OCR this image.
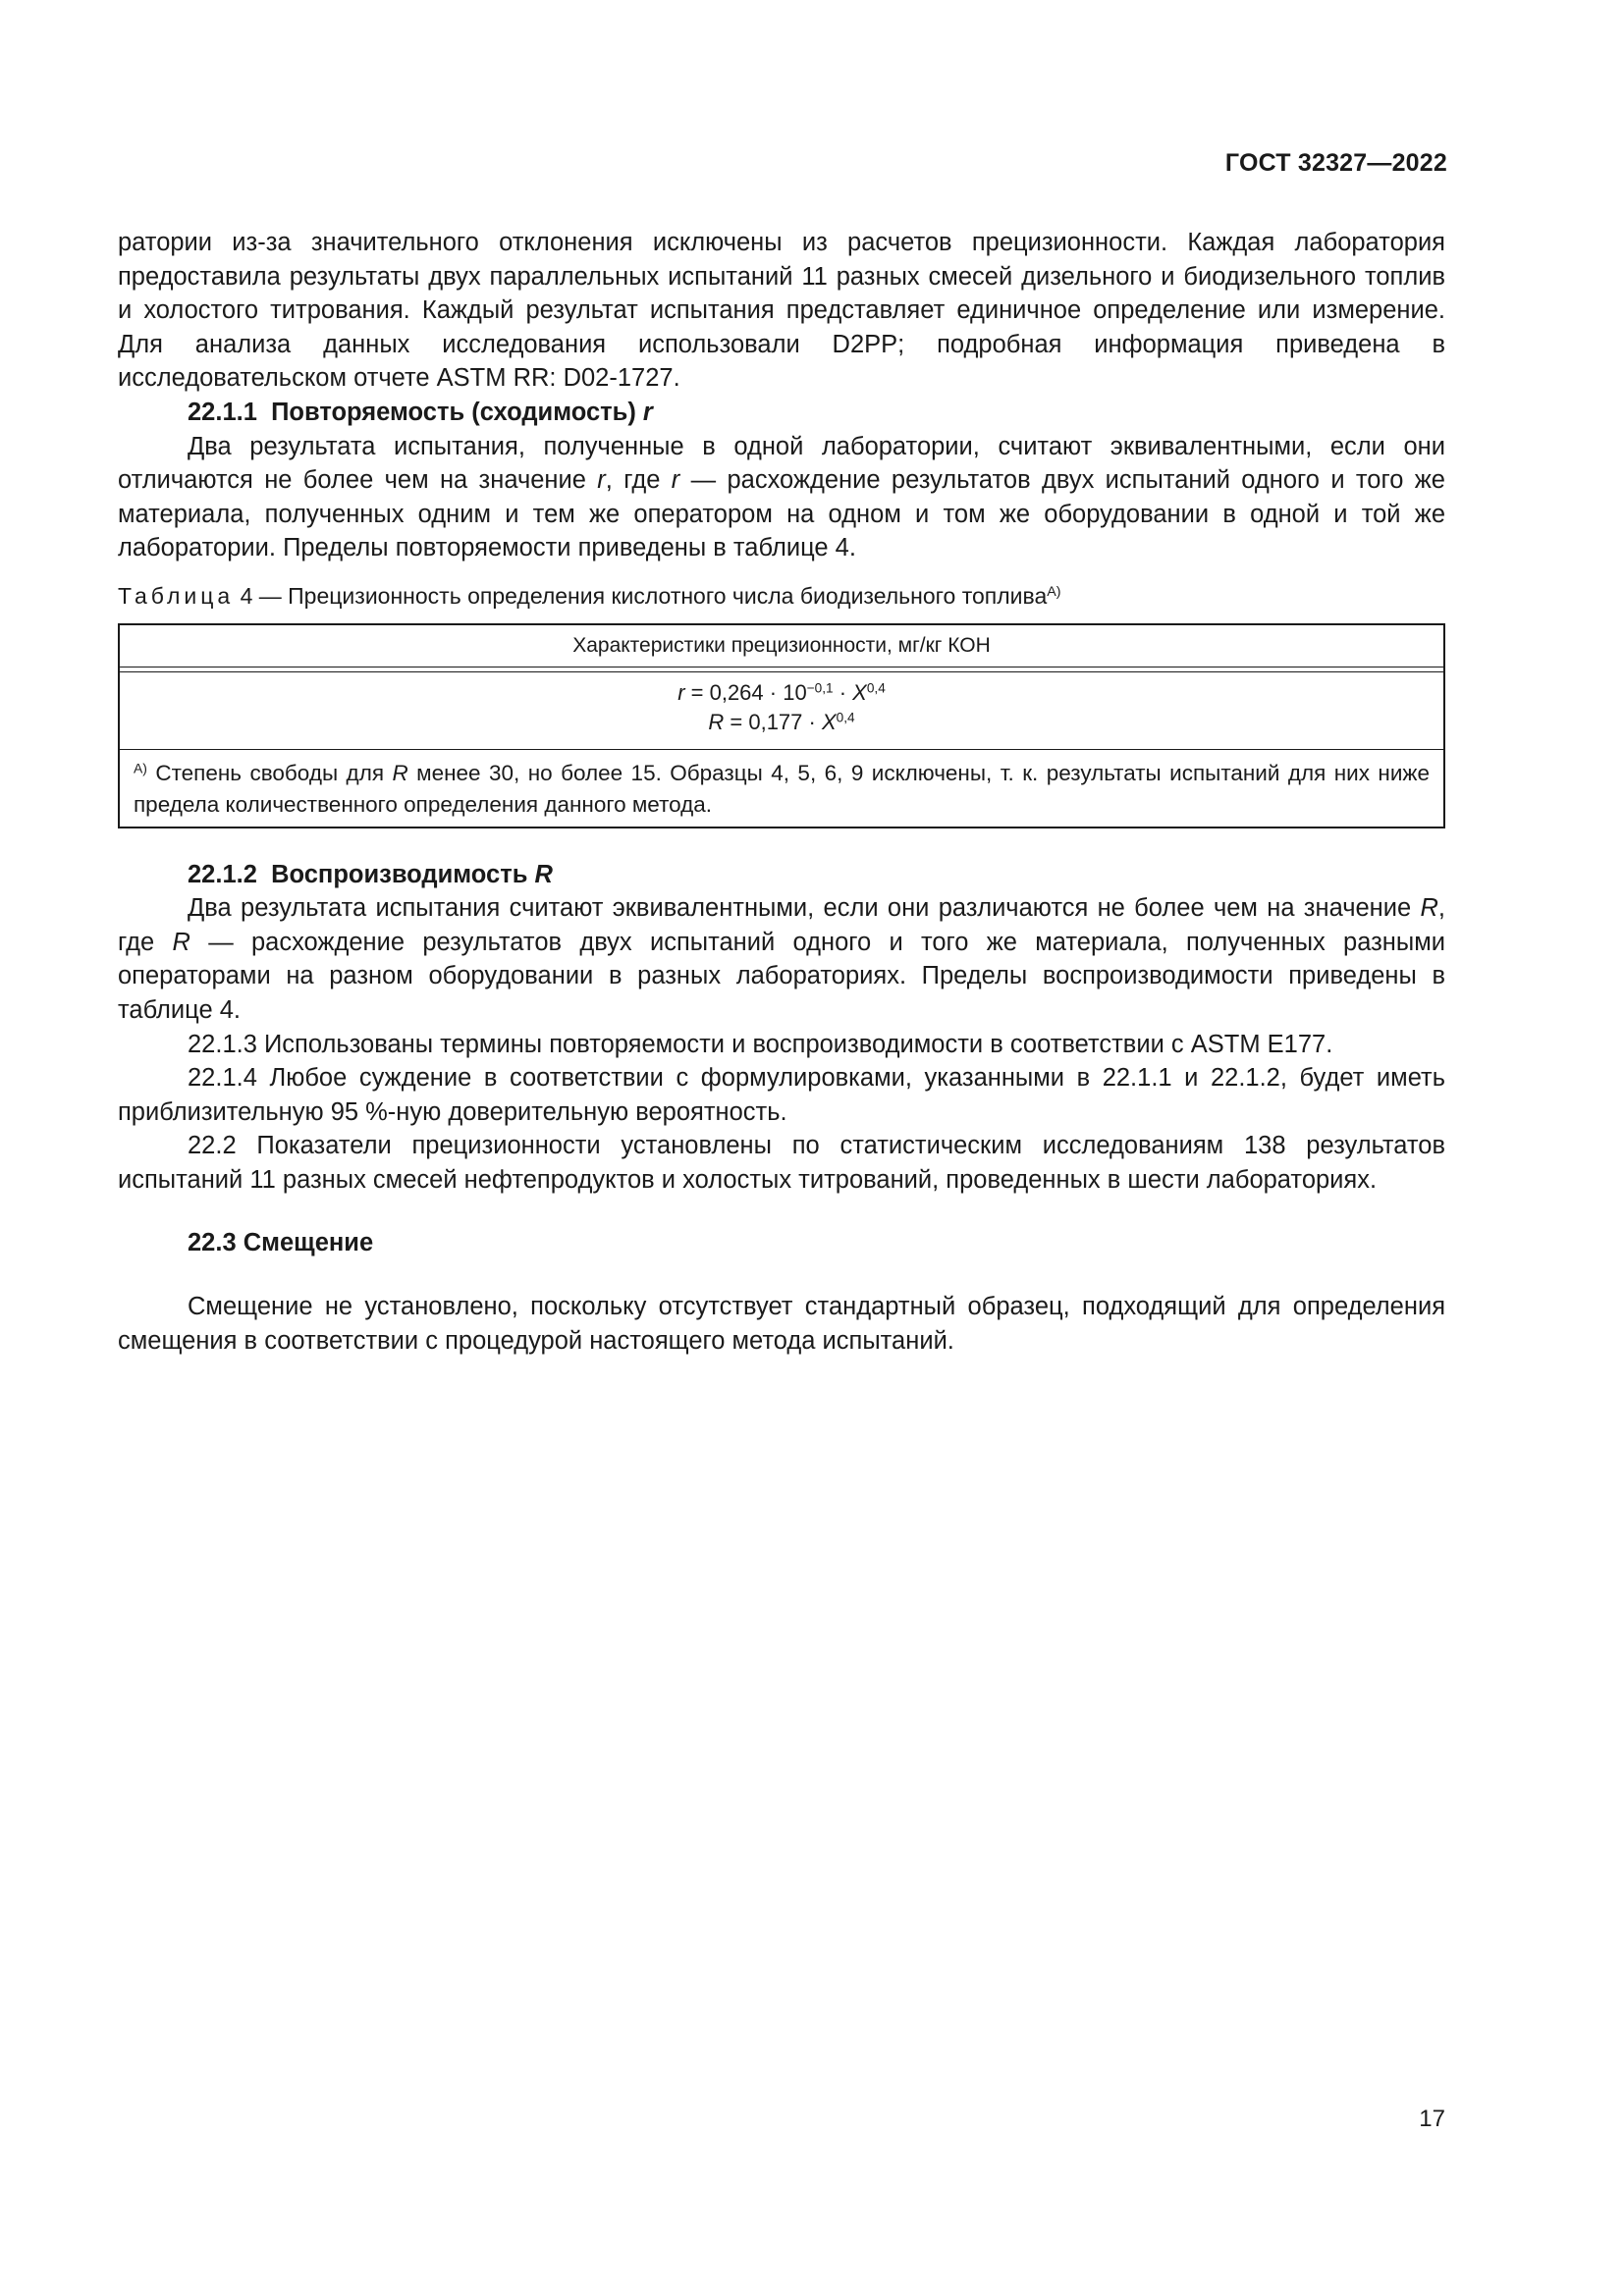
ГОСТ 32327—2022

ратории из-за значительного отклонения исключены из расчетов прецизионности. Каждая лаборатория предоставила результаты двух параллельных испытаний 11 разных смесей дизельного и биодизельного топлив и холостого титрования. Каждый результат испытания представляет единичное определение или измерение. Для анализа данных исследования использовали D2PP; подробная информация приведена в исследовательском отчете ASTM RR: D02-1727.

22.1.1 Повторяемость (сходимость) r

Два результата испытания, полученные в одной лаборатории, считают эквивалентными, если они отличаются не более чем на значение r, где r — расхождение результатов двух испытаний одного и того же материала, полученных одним и тем же оператором на одном и том же оборудовании в одной и той же лаборатории. Пределы повторяемости приведены в таблице 4.

Таблица 4 — Прецизионность определения кислотного числа биодизельного топлива$^{А)}$

Характеристики прецизионности, мг/кг КОН

$r = 0,264 \cdot 10^{-0,1} \cdot X^{0,4}$
R = 0,177 · X$^{0,4}$
$^{А)}$ Степень свободы для R менее 30, но более 15. Образцы 4, 5, 6, 9 исключены, т. к. результаты испытаний для них ниже предела количественного определения данного метода.

22.1.2 Воспроизводимость R

Два результата испытания считают эквивалентными, если они различаются не более чем на значение R, где R — расхождение результатов двух испытаний одного и того же материала, полученных разными операторами на разном оборудовании в разных лабораториях. Пределы воспроизводимости приведены в таблице 4.

22.1.3 Использованы термины повторяемости и воспроизводимости в соответствии с ASTM E177.

22.1.4 Любое суждение в соответствии с формулировками, указанными в 22.1.1 и 22.1.2, будет иметь приблизительную 95 %-ную доверительную вероятность.

22.2 Показатели прецизионности установлены по статистическим исследованиям 138 результатов испытаний 11 разных смесей нефтепродуктов и холостых титрований, проведенных в шести лабораториях.

22.3 Смещение

Смещение не установлено, поскольку отсутствует стандартный образец, подходящий для определения смещения в соответствии с процедурой настоящего метода испытаний.

17
